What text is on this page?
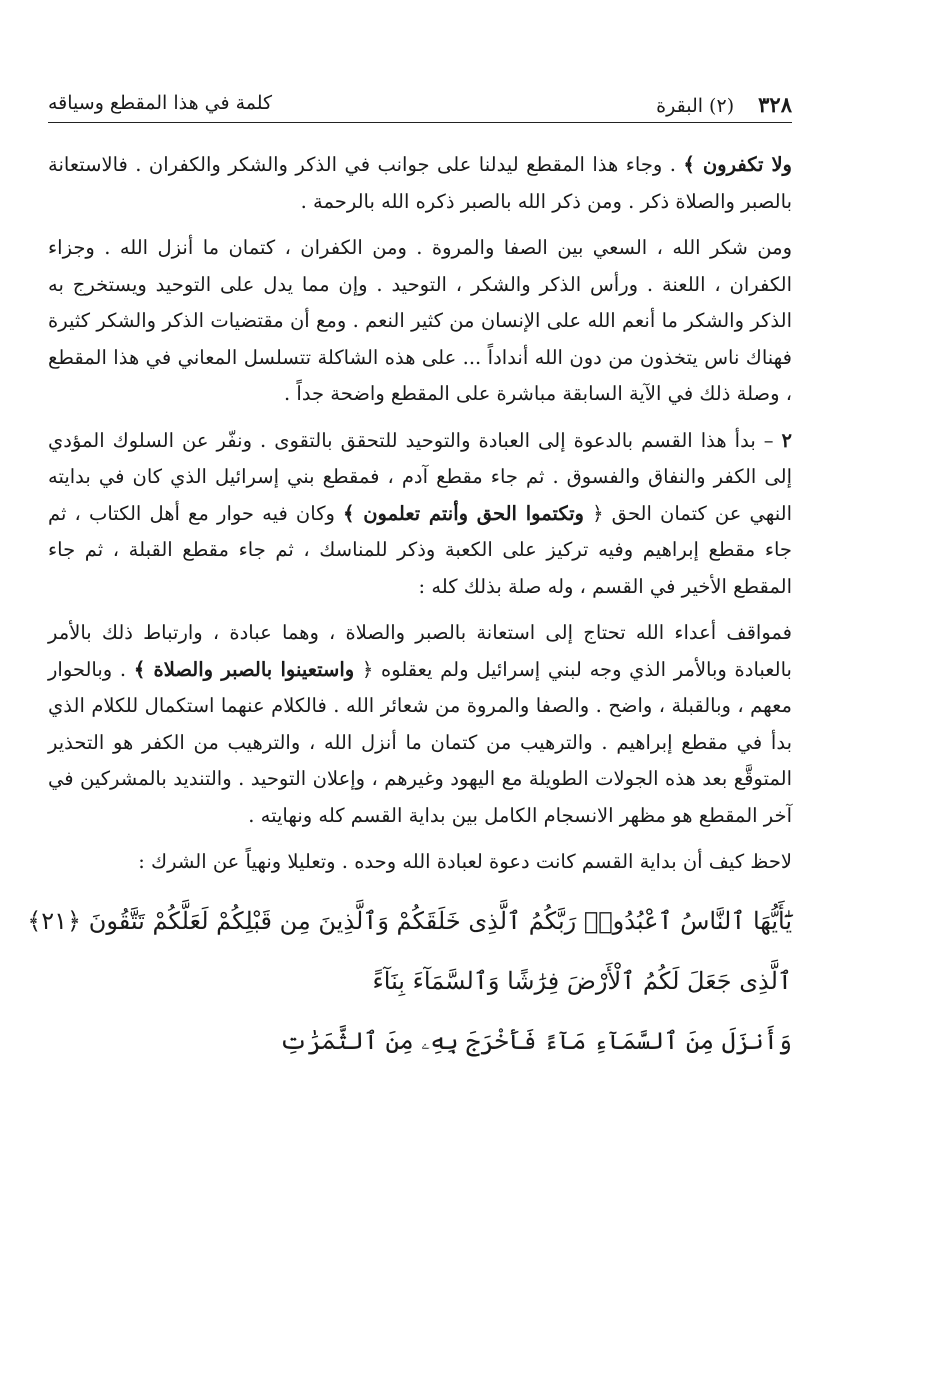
٣٢٨ (٢) البقرة
كلمة في هذا المقطع وسياقه

ولا تكفرون ﴾ . وجاء هذا المقطع ليدلنا على جوانب في الذكر والشكر والكفران . فالاستعانة بالصبر والصلاة ذكر . ومن ذكر الله بالصبر ذكره الله بالرحمة .

ومن شكر الله ، السعي بين الصفا والمروة . ومن الكفران ، كتمان ما أنزل الله . وجزاء الكفران ، اللعنة . ورأس الذكر والشكر ، التوحيد . وإن مما يدل على التوحيد ويستخرج به الذكر والشكر ما أنعم الله على الإنسان من كثير النعم . ومع أن مقتضيات الذكر والشكر كثيرة فهناك ناس يتخذون من دون الله أنداداً ... على هذه الشاكلة تتسلسل المعاني في هذا المقطع ، وصلة ذلك في الآية السابقة مباشرة على المقطع واضحة جداً .

٢ – بدأ هذا القسم بالدعوة إلى العبادة والتوحيد للتحقق بالتقوى . ونفّر عن السلوك المؤدي إلى الكفر والنفاق والفسوق . ثم جاء مقطع آدم ، فمقطع بني إسرائيل الذي كان في بدايته النهي عن كتمان الحق ﴿ وتكتموا الحق وأنتم تعلمون ﴾ وكان فيه حوار مع أهل الكتاب ، ثم جاء مقطع إبراهيم وفيه تركيز على الكعبة وذكر للمناسك ، ثم جاء مقطع القبلة ، ثم جاء المقطع الأخير في القسم ، وله صلة بذلك كله :

فمواقف أعداء الله تحتاج إلى استعانة بالصبر والصلاة ، وهما عبادة ، وارتباط ذلك بالأمر بالعبادة وبالأمر الذي وجه لبني إسرائيل ولم يعقلوه ﴿ واستعينوا بالصبر والصلاة ﴾ . وبالحوار معهم ، وبالقبلة ، واضح . والصفا والمروة من شعائر الله . فالكلام عنهما استكمال للكلام الذي بدأ في مقطع إبراهيم . والترهيب من كتمان ما أنزل الله ، والترهيب من الكفر هو التحذير المتوقَّع بعد هذه الجولات الطويلة مع اليهود وغيرهم ، وإعلان التوحيد . والتنديد بالمشركين في آخر المقطع هو مظهر الانسجام الكامل بين بداية القسم كله ونهايته .

لاحظ كيف أن بداية القسم كانت دعوة لعبادة الله وحده . وتعليلا ونهياً عن الشرك :

يَٰٓأَيُّهَا ٱلنَّاسُ ٱعْبُدُوا۟ رَبَّكُمُ ٱلَّذِى خَلَقَكُمْ وَٱلَّذِينَ مِن قَبْلِكُمْ لَعَلَّكُمْ تَتَّقُونَ ﴿٢١﴾
ٱلَّذِى جَعَلَ لَكُمُ ٱلْأَرْضَ فِرَٰشًا وَٱلسَّمَآءَ بِنَآءً
وَأَنزَلَ مِنَ ٱلسَّمَآءِ مَآءً فَأَخْرَجَ بِهِۦ مِنَ ٱلثَّمَرَٰتِ
